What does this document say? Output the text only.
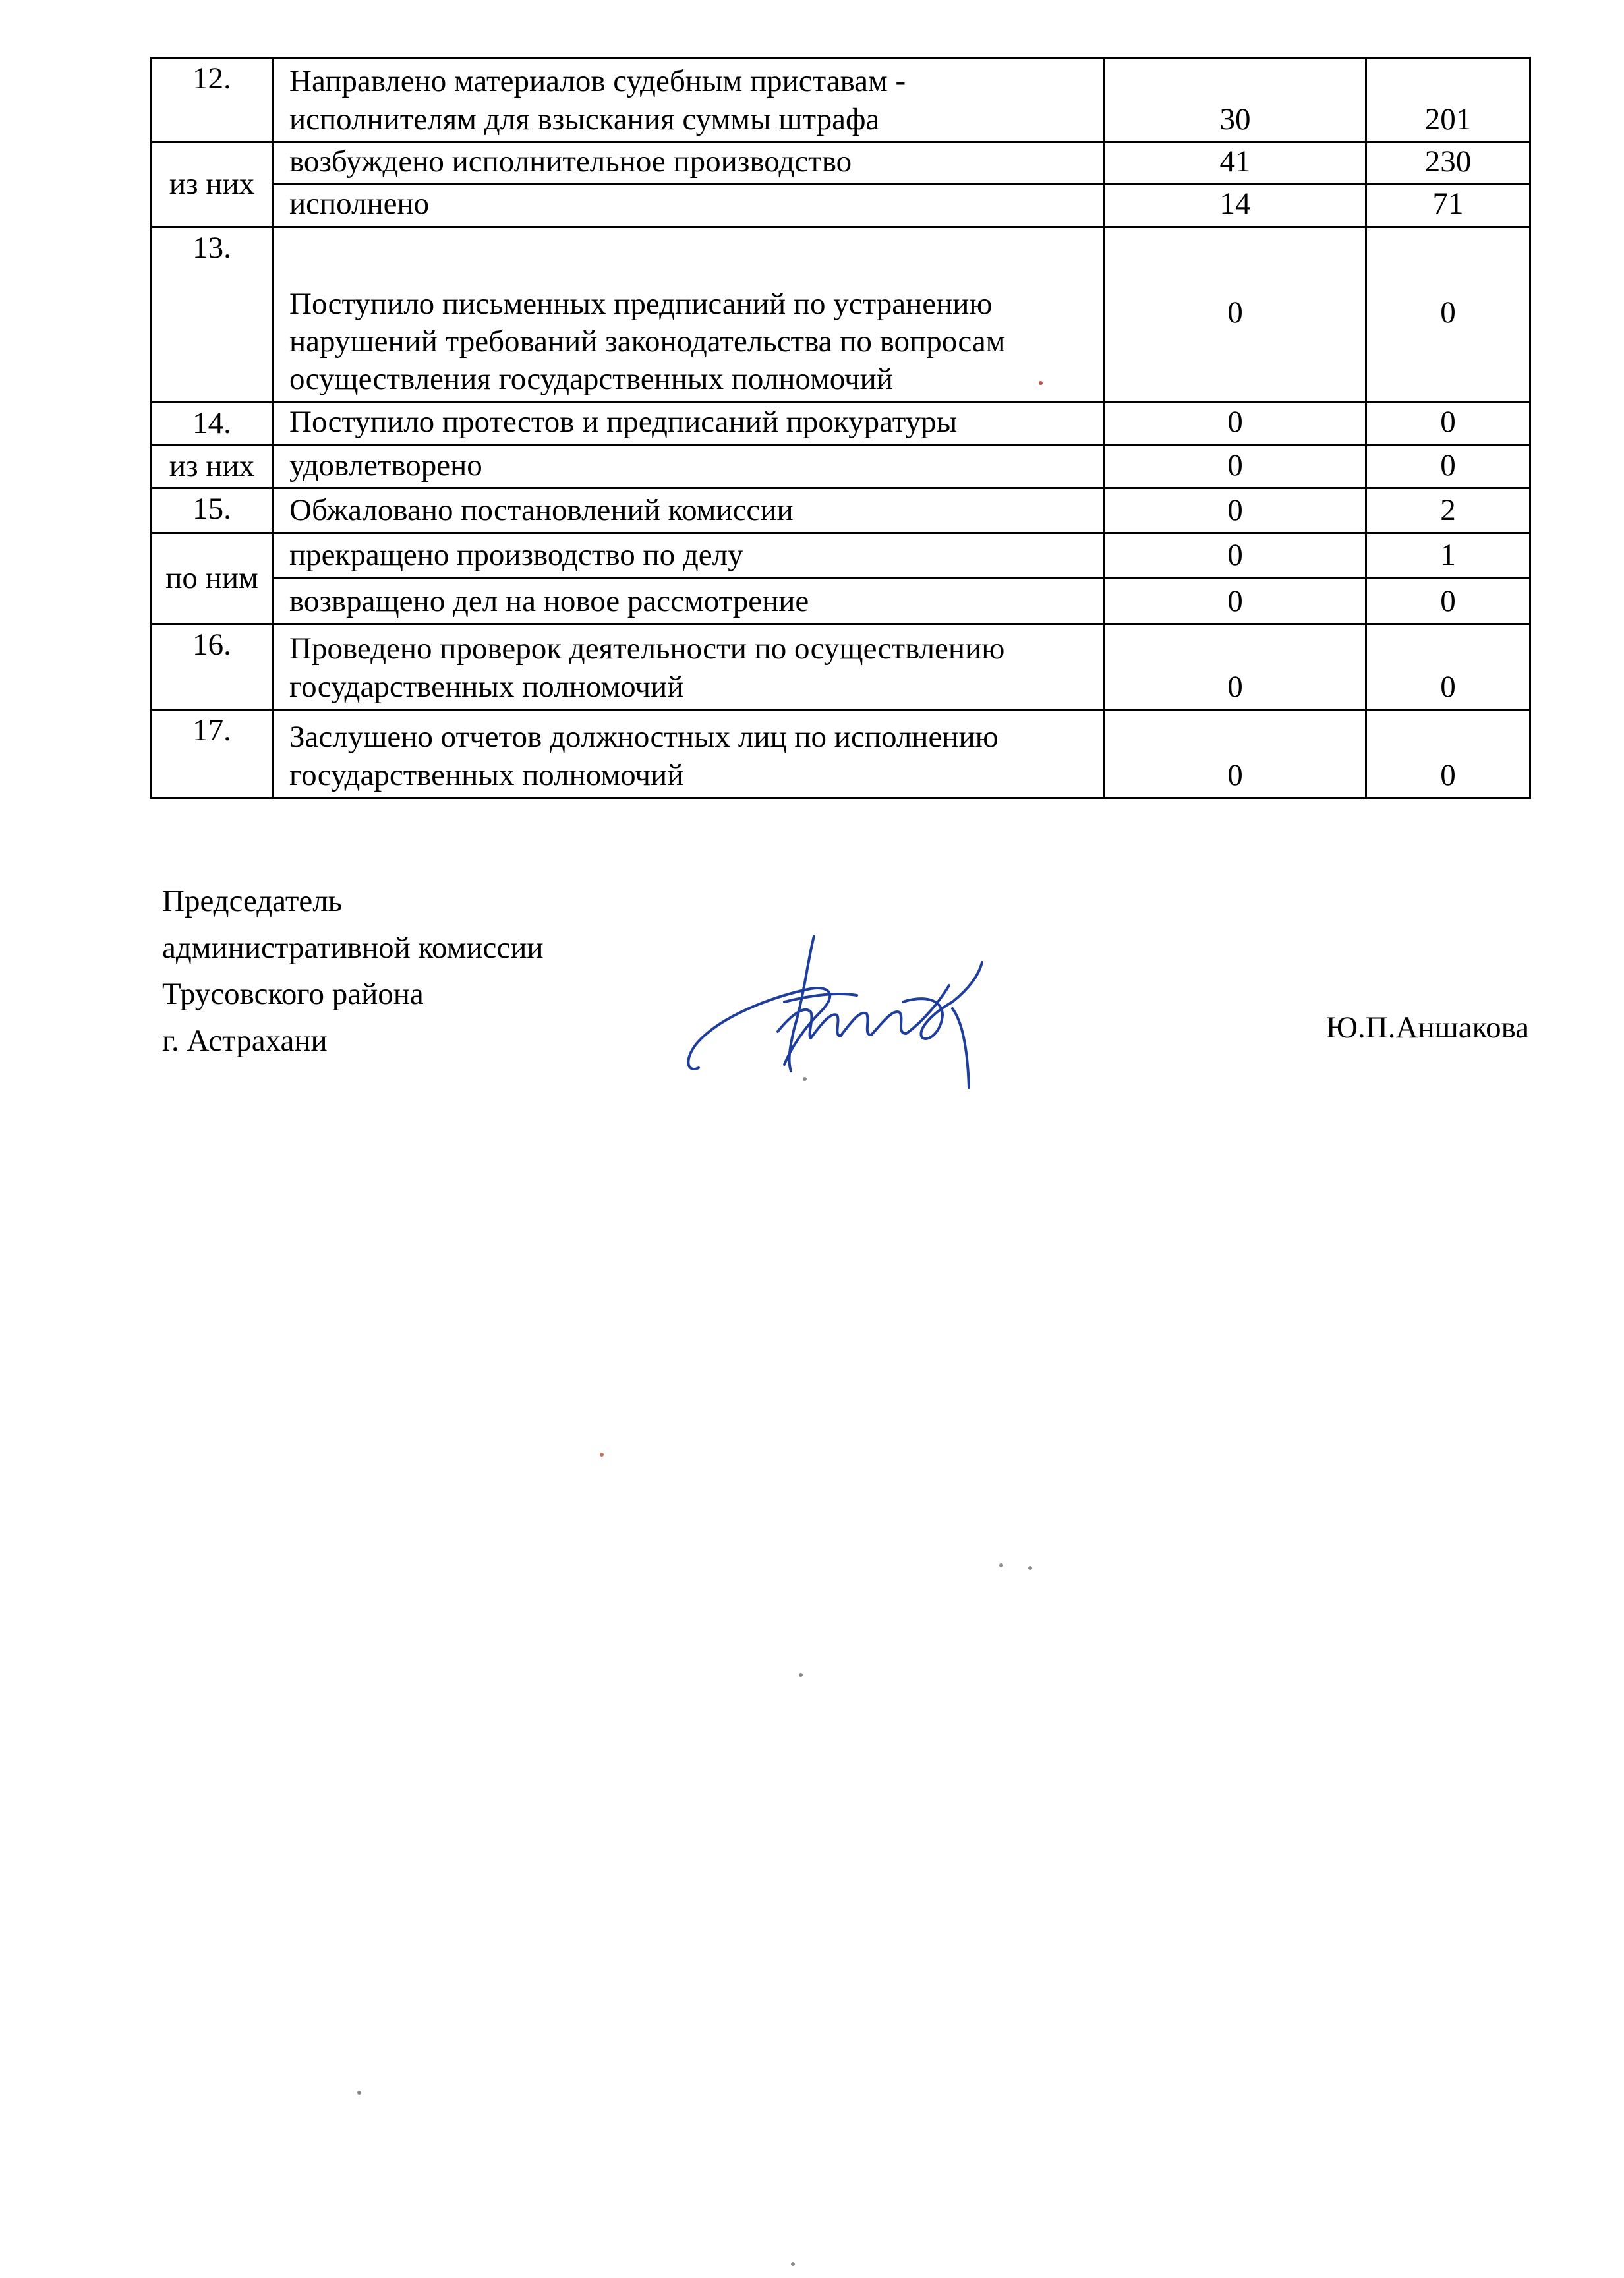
12.	Направлено материалов судебным приставам - исполнителям для взыскания суммы штрафа	30	201
из них	возбуждено исполнительное производство	41	230
	исполнено	14	71
13.	Поступило письменных предписаний по устранению нарушений требований законодательства по вопросам осуществления государственных полномочий	0	0
14.	Поступило протестов и предписаний прокуратуры	0	0
из них	удовлетворено	0	0
15.	Обжаловано постановлений комиссии	0	2
по ним	прекращено производство по делу	0	1
	возвращено дел на новое рассмотрение	0	0
16.	Проведено проверок деятельности по осуществлению государственных полномочий	0	0
17.	Заслушено отчетов должностных лиц по исполнению государственных полномочий	0	0
Председатель
административной комиссии
Трусовского района
г. Астрахани	Ю.П.Аншакова
